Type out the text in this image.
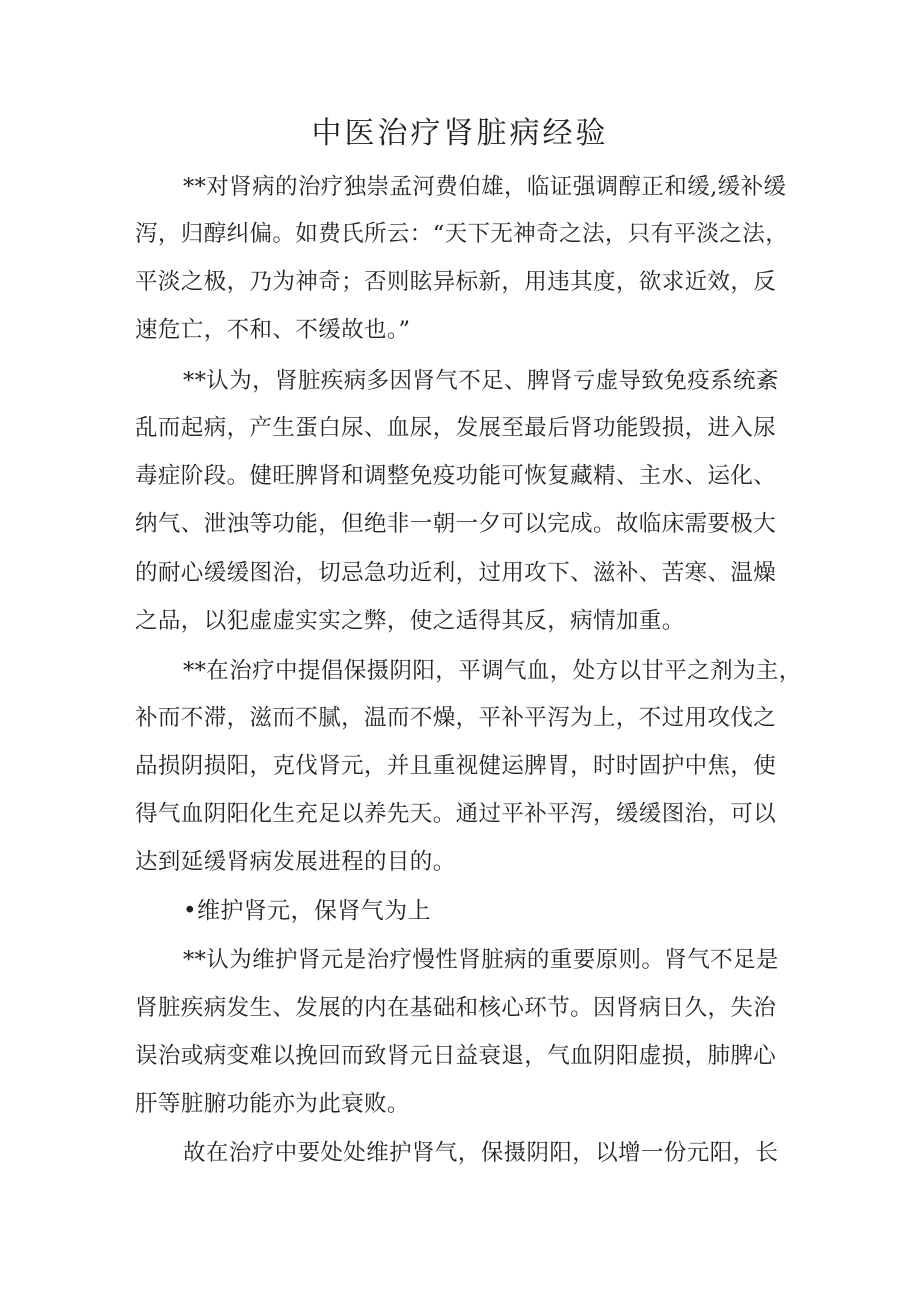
中医治疗肾脏病经验
**对肾病的治疗独崇孟河费伯雄，临证强调醇正和缓,缓补缓
泻，归醇纠偏。如费氏所云：“天下无神奇之法，只有平淡之法，
平淡之极，乃为神奇；否则眩异标新，用违其度，欲求近效，反
速危亡，不和、不缓故也。”
**认为，肾脏疾病多因肾气不足、脾肾亏虚导致免疫系统紊
乱而起病，产生蛋白尿、血尿，发展至最后肾功能毁损，进入尿
毒症阶段。健旺脾肾和调整免疫功能可恢复藏精、主水、运化、
纳气、泄浊等功能，但绝非一朝一夕可以完成。故临床需要极大
的耐心缓缓图治，切忌急功近利，过用攻下、滋补、苦寒、温燥
之品，以犯虚虚实实之弊，使之适得其反，病情加重。
**在治疗中提倡保摄阴阳，平调气血，处方以甘平之剂为主，
补而不滞，滋而不腻，温而不燥，平补平泻为上，不过用攻伐之
品损阴损阳，克伐肾元，并且重视健运脾胃，时时固护中焦，使
得气血阴阳化生充足以养先天。通过平补平泻，缓缓图治，可以
达到延缓肾病发展进程的目的。
•维护肾元，保肾气为上
**认为维护肾元是治疗慢性肾脏病的重要原则。肾气不足是
肾脏疾病发生、发展的内在基础和核心环节。因肾病日久，失治
误治或病变难以挽回而致肾元日益衰退，气血阴阳虚损，肺脾心
肝等脏腑功能亦为此衰败。
故在治疗中要处处维护肾气，保摄阴阳，以增一份元阳，长
